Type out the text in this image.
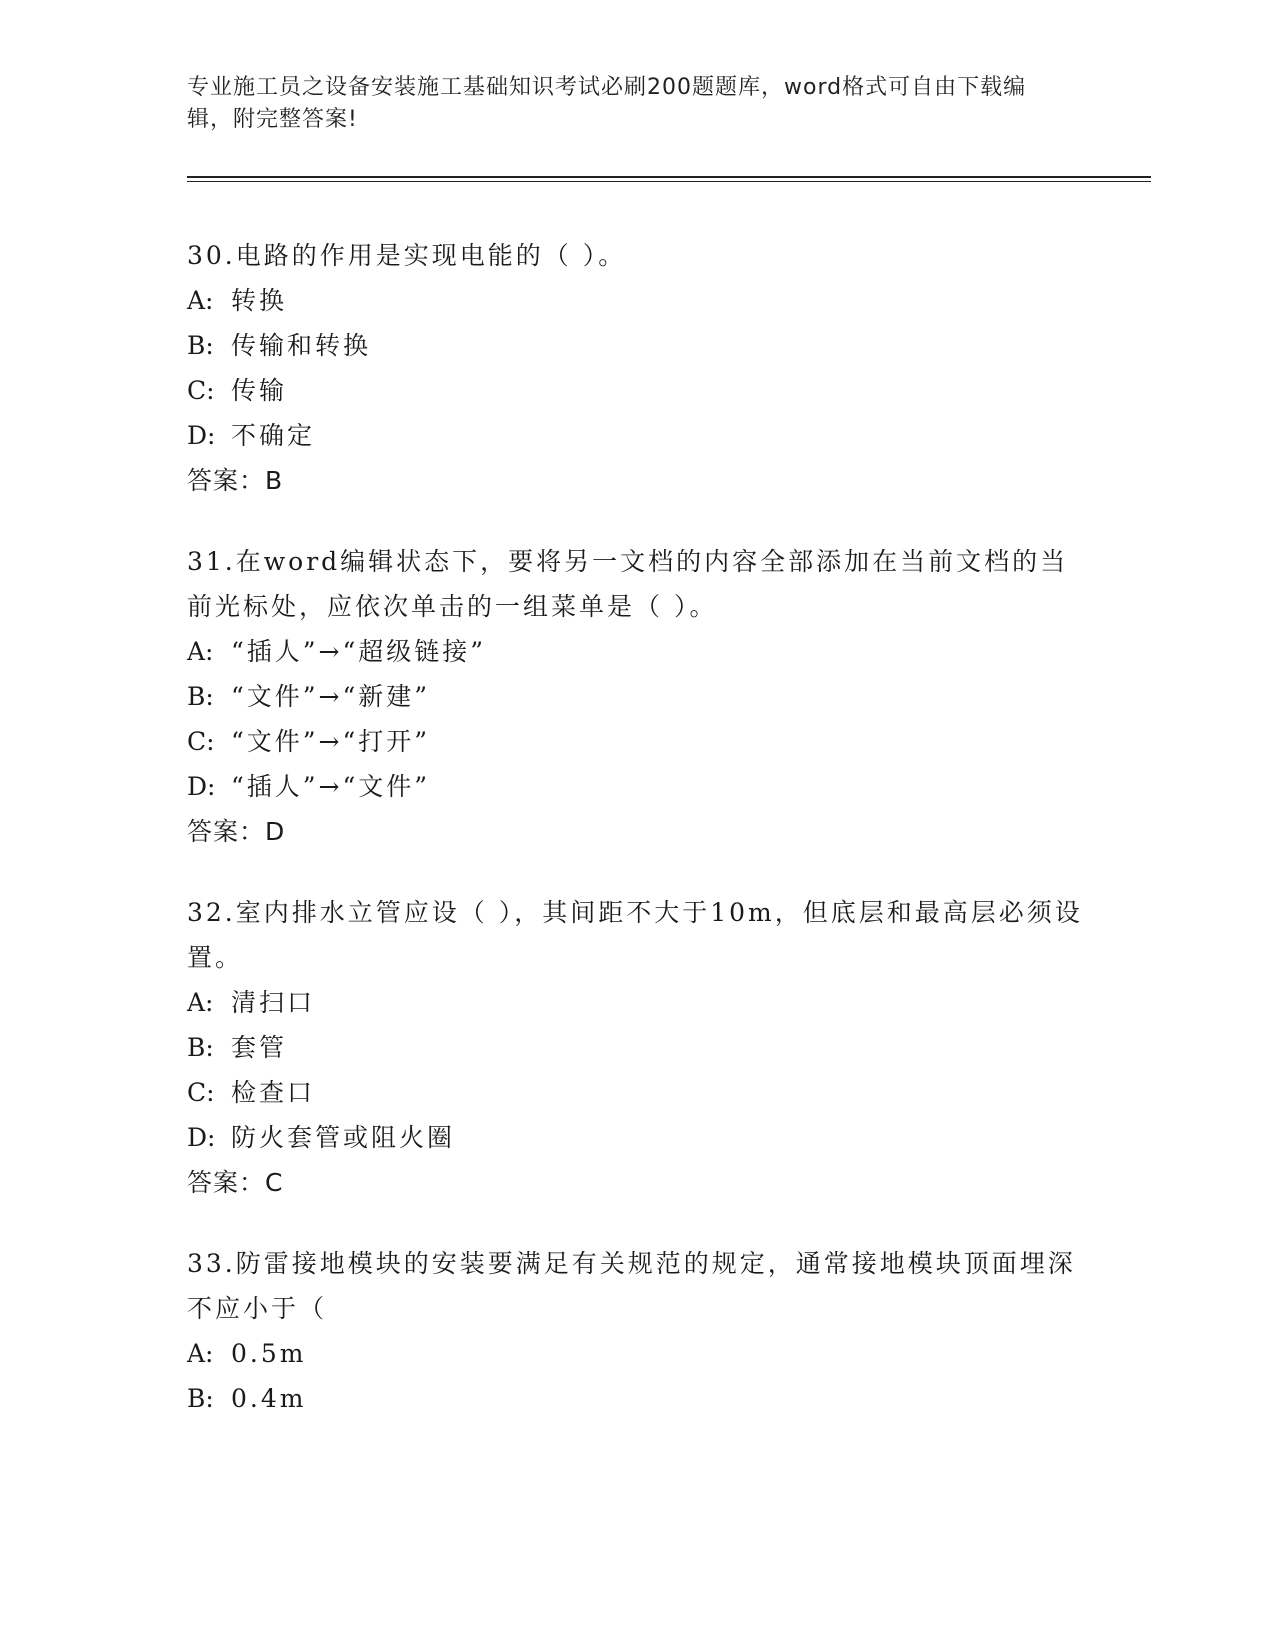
专业施工员之设备安装施工基础知识考试必刷200题题库，word格式可自由下载编辑，附完整答案!

30.电路的作用是实现电能的（ ）。

A: 转换

B: 传输和转换

C: 传输

D: 不确定

答案：B

31.在word编辑状态下，要将另一文档的内容全部添加在当前文档的当前光标处，应依次单击的一组菜单是（ ）。

A: “插人”→“超级链接”

B: “文件”→“新建”

C: “文件”→“打开”

D: “插人”→“文件”

答案：D

32.室内排水立管应设（ ），其间距不大于10m，但底层和最高层必须设置。

A: 清扫口

B: 套管

C: 检查口

D: 防火套管或阻火圈

答案：C

33.防雷接地模块的安装要满足有关规范的规定，通常接地模块顶面埋深不应小于（

A: 0.5m

B: 0.4m
